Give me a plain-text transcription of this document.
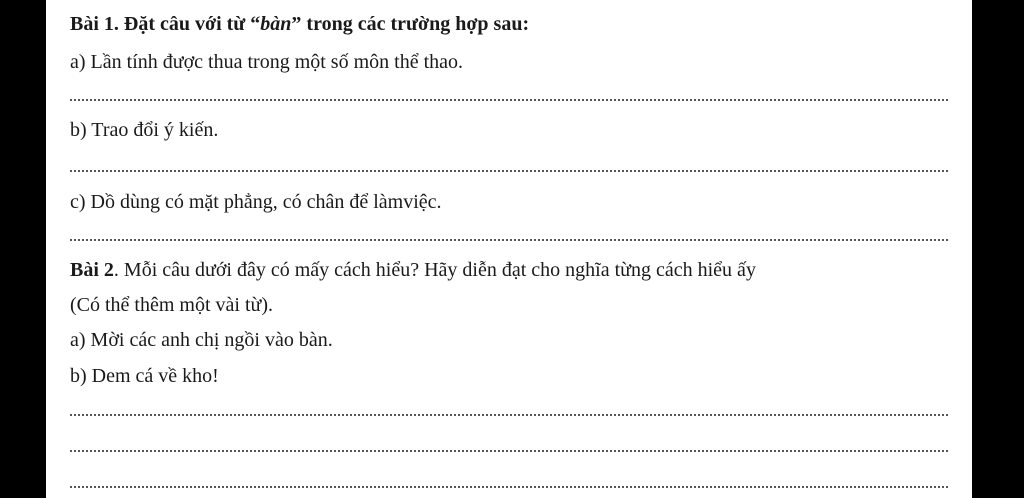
Bài 1. Đặt câu với từ “bàn” trong các trường hợp sau:
a) Lần tính được thua trong một số môn thể thao.
b) Trao đổi ý kiến.
c) Dồ dùng có mặt phẳng, có chân để làmviệc.
Bài 2. Mỗi câu dưới đây có mấy cách hiểu? Hãy diễn đạt cho nghĩa từng cách hiểu ấy
(Có thể thêm một vài từ).
a) Mời các anh chị ngồi vào bàn.
b) Dem cá về kho!
